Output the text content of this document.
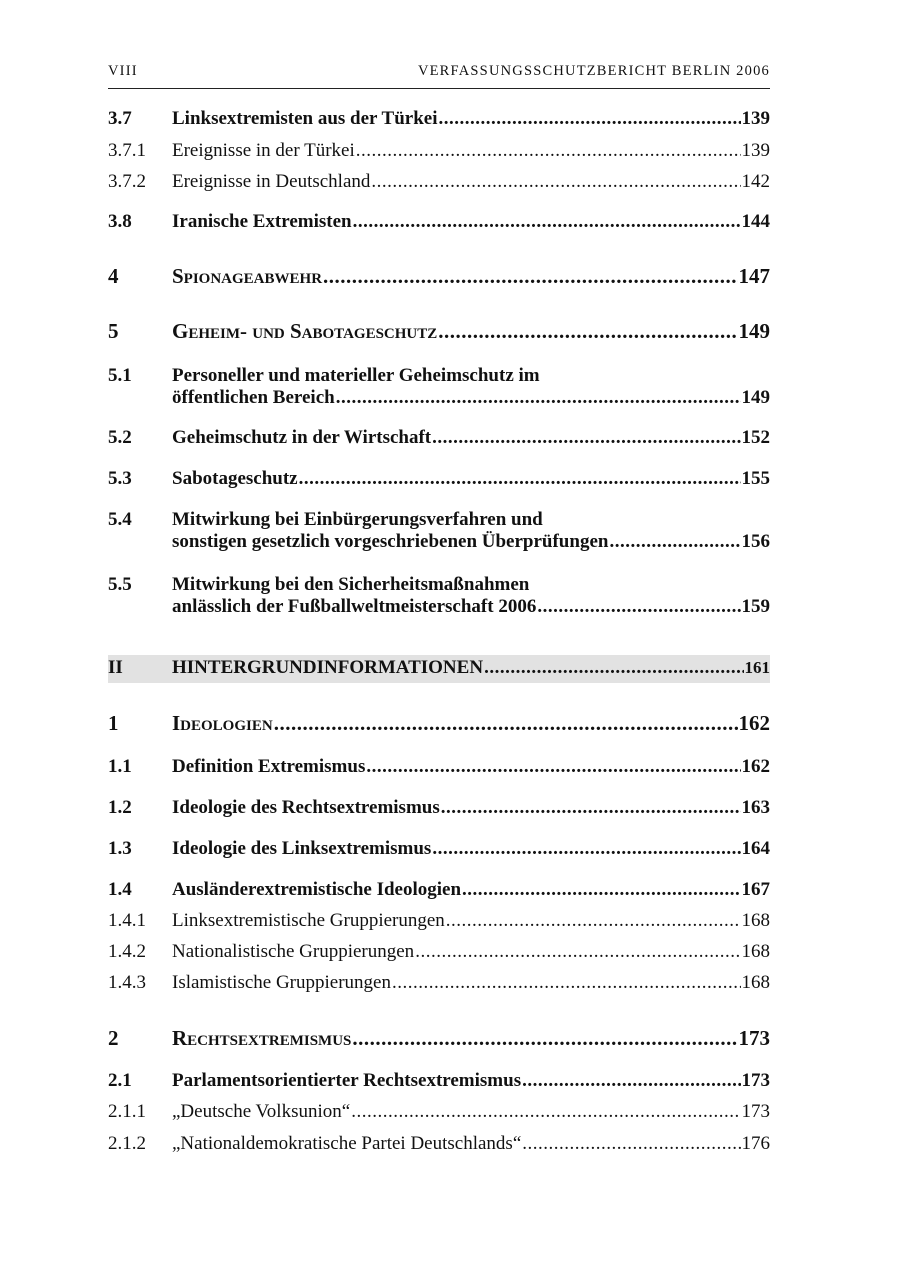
VIII	VERFASSUNGSSCHUTZBERICHT BERLIN 2006
3.7 Linksextremisten aus der Türkei .....	139
3.7.1 Ereignisse in der Türkei .....	139
3.7.2 Ereignisse in Deutschland .....	142
3.8 Iranische Extremisten .....	144
4	Spionageabwehr .....	147
5	Geheim- und Sabotageschutz .....	149
5.1 Personeller und materieller Geheimschutz im
öffentlichen Bereich .....	149
5.2 Geheimschutz in der Wirtschaft .....	152
5.3 Sabotageschutz .....	155
5.4 Mitwirkung bei Einbürgerungsverfahren und
sonstigen gesetzlich vorgeschriebenen Überprüfungen .....	156
5.5 Mitwirkung bei den Sicherheitsmaßnahmen
anlässlich der Fußballweltmeisterschaft 2006 .....	159
II	HINTERGRUNDINFORMATIONEN .....	161
1	Ideologien .....	162
1.1 Definition Extremismus .....	162
1.2 Ideologie des Rechtsextremismus .....	163
1.3 Ideologie des Linksextremismus .....	164
1.4 Ausländerextremistische Ideologien .....	167
1.4.1 Linksextremistische Gruppierungen .....	168
1.4.2 Nationalistische Gruppierungen .....	168
1.4.3 Islamistische Gruppierungen .....	168
2	Rechtsextremismus .....	173
2.1 Parlamentsorientierter Rechtsextremismus .....	173
2.1.1 „Deutsche Volksunion“ .....	173
2.1.2 „Nationaldemokratische Partei Deutschlands“ .....	176
